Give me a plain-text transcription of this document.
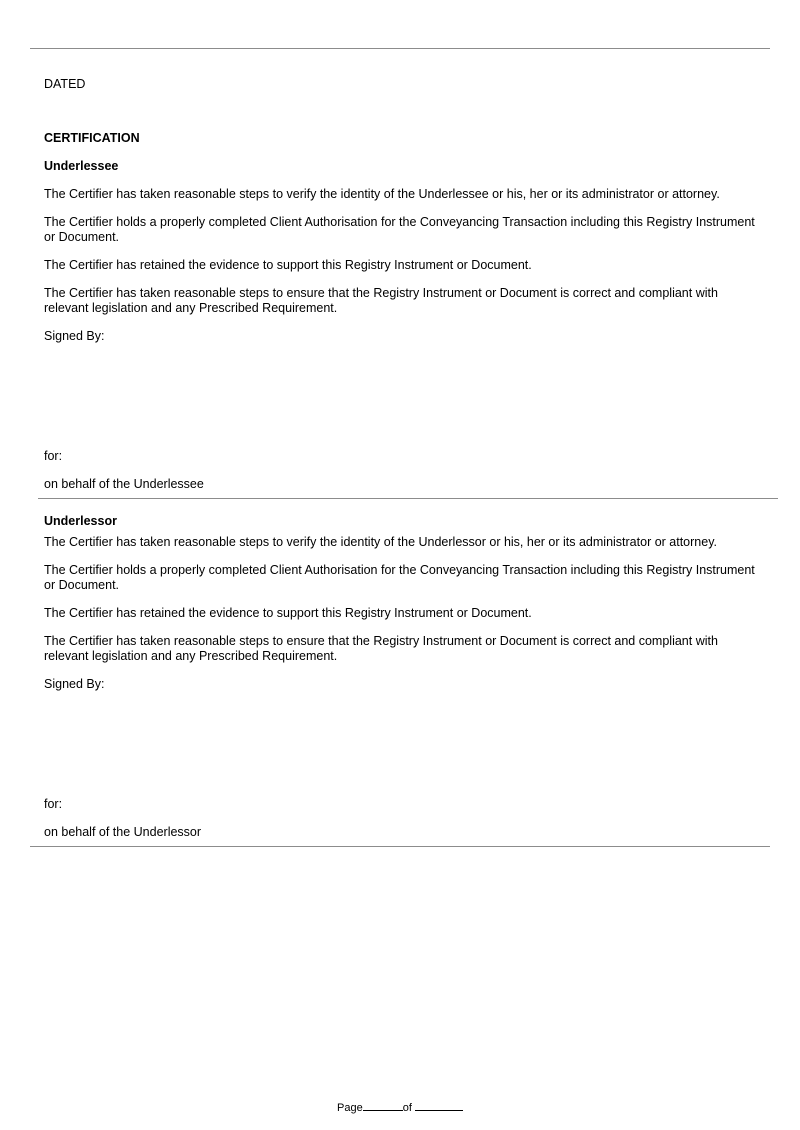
DATED

CERTIFICATION

Underlessee

The Certifier has taken reasonable steps to verify the identity of the Underlessee or his, her or its administrator or attorney.

The Certifier holds a properly completed Client Authorisation for the Conveyancing Transaction including this Registry Instrument or Document.

The Certifier has retained the evidence to support this Registry Instrument or Document.

The Certifier has taken reasonable steps to ensure that the Registry Instrument or Document is correct and compliant with relevant legislation and any Prescribed Requirement.

Signed By:

for:

on behalf of the Underlessee

Underlessor

The Certifier has taken reasonable steps to verify the identity of the Underlessor or his, her or its administrator or attorney.

The Certifier holds a properly completed Client Authorisation for the Conveyancing Transaction including this Registry Instrument or Document.

The Certifier has retained the evidence to support this Registry Instrument or Document.

The Certifier has taken reasonable steps to ensure that the Registry Instrument or Document is correct and compliant with relevant legislation and any Prescribed Requirement.

Signed By:

for:

on behalf of the Underlessor

Page	of
